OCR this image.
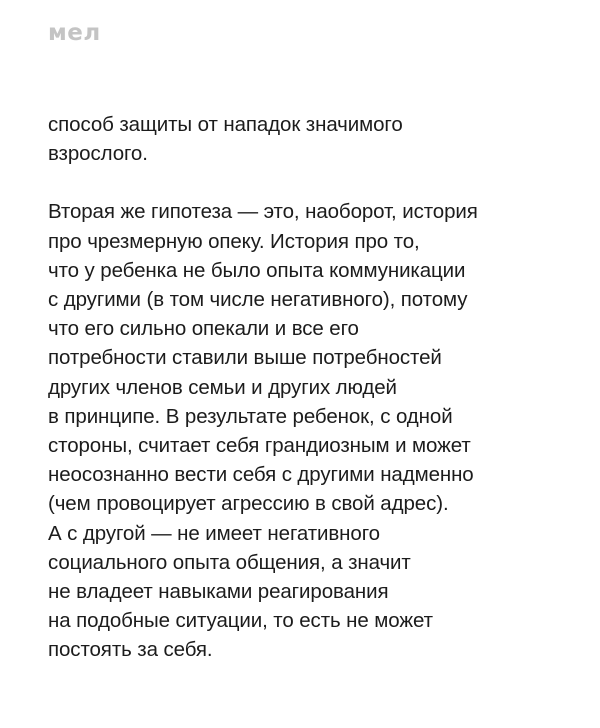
мел

способ защиты от нападок значимого
взрослого.

Вторая же гипотеза — это, наоборот, история
про чрезмерную опеку. История про то,
что у ребенка не было опыта коммуникации
с другими (в том числе негативного), потому
что его сильно опекали и все его
потребности ставили выше потребностей
других членов семьи и других людей
в принципе. В результате ребенок, с одной
стороны, считает себя грандиозным и может
неосознанно вести себя с другими надменно
(чем провоцирует агрессию в свой адрес).
А с другой — не имеет негативного
социального опыта общения, а значит
не владеет навыками реагирования
на подобные ситуации, то есть не может
постоять за себя.
